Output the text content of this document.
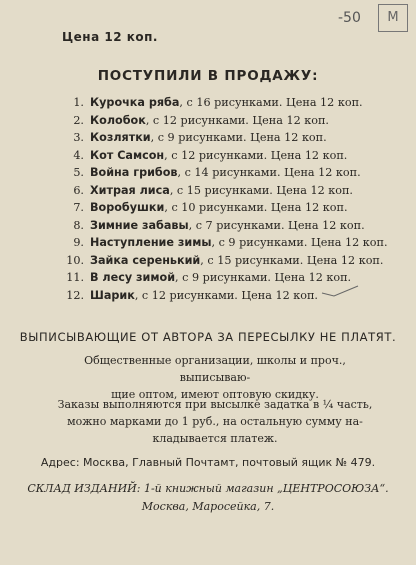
-50	М
Цена 12 коп.
ПОСТУПИЛИ В ПРОДАЖУ:
1. Курочка ряба, с 16 рисунками. Цена 12 коп.
2. Колобок, с 12 рисунками. Цена 12 коп.
3. Козлятки, с 9 рисунками. Цена 12 коп.
4. Кот Самсон, с 12 рисунками. Цена 12 коп.
5. Война грибов, с 14 рисунками. Цена 12 коп.
6. Хитрая лиса, с 15 рисунками. Цена 12 коп.
7. Воробушки, с 10 рисунками. Цена 12 коп.
8. Зимние забавы, с 7 рисунками. Цена 12 коп.
9. Наступление зимы, с 9 рисунками. Цена 12 коп.
10. Зайка серенький, с 15 рисунками. Цена 12 коп.
11. В лесу зимой, с 9 рисунками. Цена 12 коп.
12. Шарик, с 12 рисунками. Цена 12 коп.
ВЫПИСЫВАЮЩИЕ ОТ АВТОРА ЗА ПЕРЕСЫЛКУ НЕ ПЛАТЯТ.
Общественные организации, школы и проч., выписываю-
щие оптом, имеют оптовую скидку.
Заказы выполняются при высылке задатка в ¼ часть,
можно марками до 1 руб., на остальную сумму на-
кладывается платеж.
Адрес: Москва, Главный Почтамт, почтовый ящик № 479.
СКЛАД ИЗДАНИЙ: 1-й книжный магазин „ЦЕНТРОСОЮЗА“.
Москва, Маросейка, 7.
